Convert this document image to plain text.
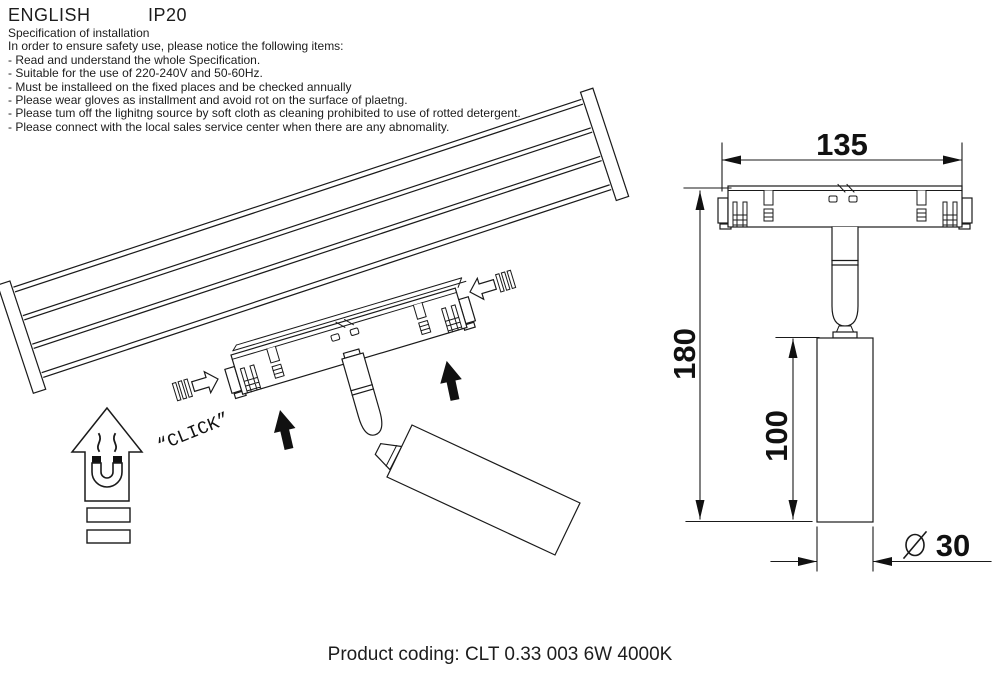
“CLICK”
135
180
100
30
ENGLISH	IP20
Specification of installation
In order to ensure safety use, please notice the following items:
- Read and understand the whole Specification.
- Suitable for the use of 220-240V and 50-60Hz.
- Must be installeed on the fixed places and be checked annually
- Please wear gloves as installment and avoid rot on the surface of plaetng.
- Please tum off the lighitng source by soft cloth as cleaning prohibited to use of rotted detergent.
- Please connect with the local sales service center when there are any abnomality.
Product coding: CLT 0.33 003 6W 4000K
